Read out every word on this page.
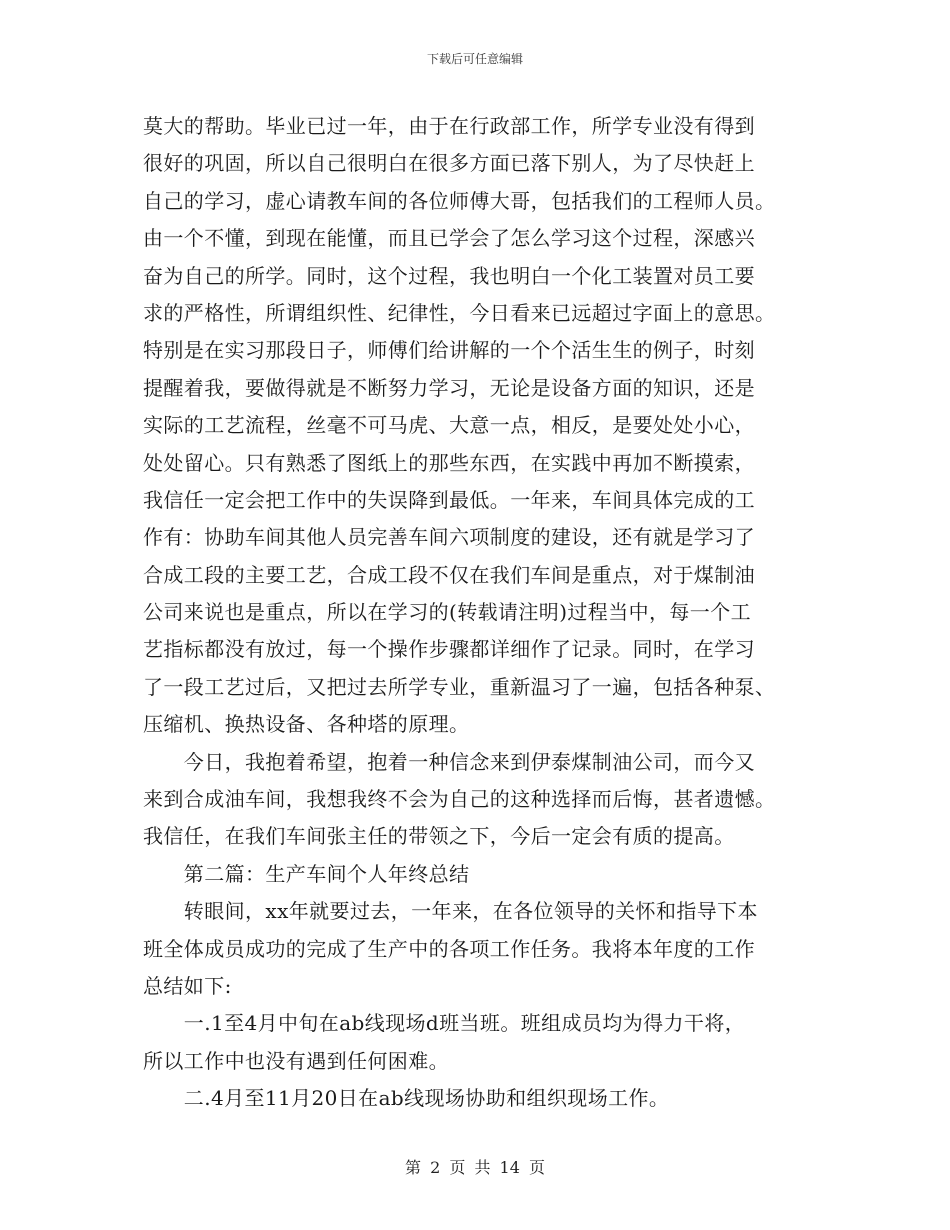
下载后可任意编辑
莫大的帮助。毕业已过一年，由于在行政部工作，所学专业没有得到
很好的巩固，所以自己很明白在很多方面已落下别人，为了尽快赶上
自己的学习，虚心请教车间的各位师傅大哥，包括我们的工程师人员。
由一个不懂，到现在能懂，而且已学会了怎么学习这个过程，深感兴
奋为自己的所学。同时，这个过程，我也明白一个化工装置对员工要
求的严格性，所谓组织性、纪律性，今日看来已远超过字面上的意思。
特别是在实习那段日子，师傅们给讲解的一个个活生生的例子，时刻
提醒着我，要做得就是不断努力学习，无论是设备方面的知识，还是
实际的工艺流程，丝毫不可马虎、大意一点，相反，是要处处小心，
处处留心。只有熟悉了图纸上的那些东西，在实践中再加不断摸索，
我信任一定会把工作中的失误降到最低。一年来，车间具体完成的工
作有：协助车间其他人员完善车间六项制度的建设，还有就是学习了
合成工段的主要工艺，合成工段不仅在我们车间是重点，对于煤制油
公司来说也是重点，所以在学习的(转载请注明)过程当中，每一个工
艺指标都没有放过，每一个操作步骤都详细作了记录。同时，在学习
了一段工艺过后，又把过去所学专业，重新温习了一遍，包括各种泵、
压缩机、换热设备、各种塔的原理。
　　今日，我抱着希望，抱着一种信念来到伊泰煤制油公司，而今又
来到合成油车间，我想我终不会为自己的这种选择而后悔，甚者遗憾。
我信任，在我们车间张主任的带领之下，今后一定会有质的提高。
　　第二篇：生产车间个人年终总结
　　转眼间，xx年就要过去，一年来，在各位领导的关怀和指导下本
班全体成员成功的完成了生产中的各项工作任务。我将本年度的工作
总结如下:
　　一.1至4月中旬在ab线现场d班当班。班组成员均为得力干将，
所以工作中也没有遇到任何困难。
　　二.4月至11月20日在ab线现场协助和组织现场工作。
第 2 页 共 14 页
